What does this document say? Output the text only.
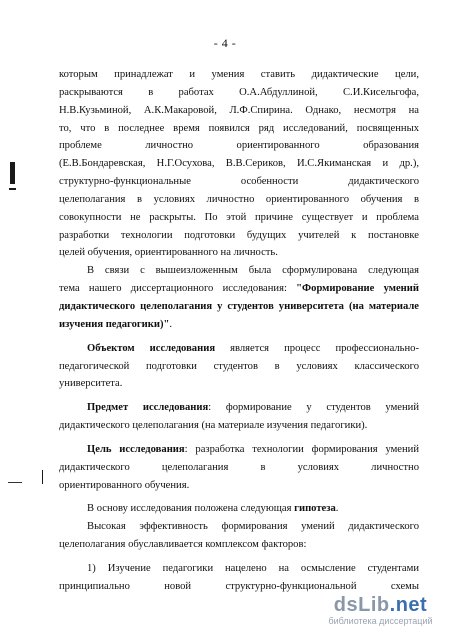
- 4 -
которым принадлежат и умения ставить дидактические цели,
раскрываются в работах О.А.Абдуллиной, С.И.Кисельгофа,
Н.В.Кузьминой, А.К.Макаровой, Л.Ф.Спирина. Однако, несмотря на
то, что в последнее время появился ряд исследований, посвященных
проблеме личностно ориентированного образования
(Е.В.Бондаревская, Н.Г.Осухова, В.В.Сериков, И.С.Якиманская и др.),
структурно-функциональные особенности дидактического
целеполагания в условиях личностно ориентированного обучения в
совокупности не раскрыты. По этой причине существует и проблема
разработки технологии подготовки будущих учителей к постановке
целей обучения, ориентированного на личность.
В связи с вышеизложенным была сформулирована следующая
тема нашего диссертационного исследования: "Формирование умений
дидактического целеполагания у студентов университета (на материале
изучения педагогики)".
Объектом исследования является процесс профессионально-
педагогической подготовки студентов в условиях классического
университета.
Предмет исследования: формирование у студентов умений
дидактического целеполагания (на материале изучения педагогики).
Цель исследования: разработка технологии формирования умений
дидактического целеполагания в условиях личностно
ориентированного обучения.
В основу исследования положена следующая гипотеза.
Высокая эффективность формирования умений дидактического
целеполагания обуславливается комплексом факторов:
1) Изучение педагогики нацелено на осмысление студентами
принципиально новой структурно-функциональной схемы
dsLib.net
библиотека диссертаций
